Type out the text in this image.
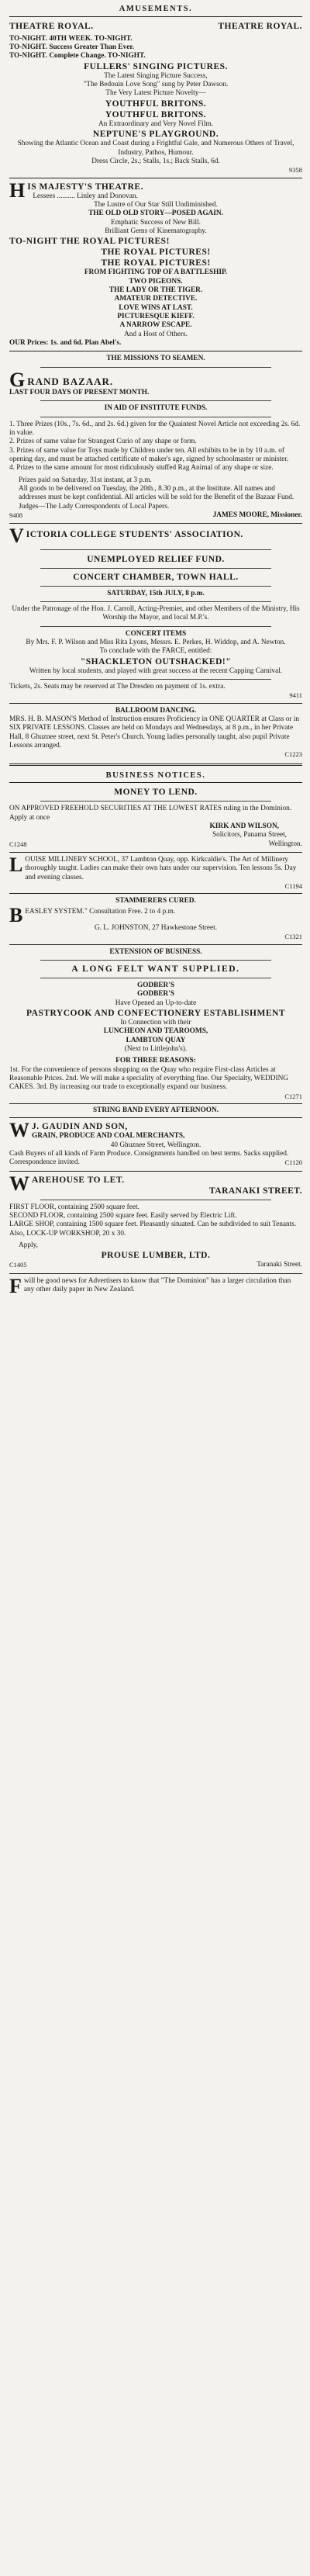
AMUSEMENTS.
THEATRE ROYAL.	THEATRE ROYAL.

TO-NIGHT. 40TH WEEK. TO-NIGHT.

TO-NIGHT. Success Greater Than Ever.

TO-NIGHT. Complete Change. TO-NIGHT.

FULLERS' SINGING PICTURES.

The Latest Singing Picture Success,

"The Bedouin Love Song" sung by Peter Dawson.

The Very Latest Picture Novelty—

YOUTHFUL BRITONS.

YOUTHFUL BRITONS.

An Extraordinary and Very Novel Film.

NEPTUNE'S PLAYGROUND.

Showing the Atlantic Ocean and Coast during a Frightful Gale, and Numerous Others of Travel, Industry, Pathos, Humour.

Dress Circle, 2s.; Stalls, 1s.; Back Stalls, 6d.

9358

H IS MAJESTY'S THEATRE.

Lessees .......... Linley and Donovan.

The Lustre of Our Star Still Undiminished.

THE OLD OLD STORY—POSED AGAIN.

Emphatic Success of New Bill.

Brilliant Gems of Kinematography.

TO-NIGHT THE ROYAL PICTURES!

THE ROYAL PICTURES!

THE ROYAL PICTURES!

FROM FIGHTING TOP OF A BATTLESHIP.

TWO PIGEONS.

THE LADY OR THE TIGER.

AMATEUR DETECTIVE.

LOVE WINS AT LAST.

PICTURESQUE KIEFF.

A NARROW ESCAPE.

And a Host of Others.

OUR Prices: 1s. and 6d. Plan Abel's.

THE MISSIONS TO SEAMEN.

G RAND BAZAAR.

LAST FOUR DAYS OF PRESENT MONTH.

IN AID OF INSTITUTE FUNDS.

1. Three Prizes (10s., 7s. 6d., and 2s. 6d.) given for the Quaintest Novel Article not exceeding 2s. 6d. in value.

2. Prizes of same value for Strangest Curio of any shape or form.

3. Prizes of same value for Toys made by Children under ten. All exhibits to be in by 10 a.m. of opening day, and must be attached certificate of maker's age, signed by schoolmaster or minister.

4. Prizes to the same amount for most ridiculously stuffed Rag Animal of any shape or size.

Prizes paid on Saturday, 31st instant, at 3 p.m.

All goods to be delivered on Tuesday, the 20th., 8.30 p.m., at the Institute. All names and addresses must be kept confidential. All articles will be sold for the Benefit of the Bazaar Fund.

Judges—The Lady Correspondents of Local Papers.

9408	JAMES MOORE, Missioner.
V ICTORIA COLLEGE STUDENTS' ASSOCIATION.

UNEMPLOYED RELIEF FUND.

CONCERT CHAMBER, TOWN HALL.

SATURDAY, 15th JULY, 8 p.m.

Under the Patronage of the Hon. J. Carroll, Acting-Premier, and other Members of the Ministry, His Worship the Mayor, and local M.P.'s.

CONCERT ITEMS

By Mrs. F. P. Wilson and Miss Rita Lyons, Messrs. E. Perkes, H. Widdop, and A. Newton.

To conclude with the FARCE, entitled:

"SHACKLETON OUTSHACKED!"

Written by local students, and played with great success at the recent Capping Carnival.

Tickets, 2s. Seats may be reserved at The Dresden on payment of 1s. extra.

9411

BALLROOM DANCING.

MRS. H. B. MASON'S Method of Instruction ensures Proficiency in ONE QUARTER at Class or in SIX PRIVATE LESSONS. Classes are held on Mondays and Wednesdays, at 8 p.m., in her Private Hall, 8 Ghuznee street, next St. Peter's Church. Young ladies personally taught, also pupil Private Lessons arranged.

C1223

BUSINESS NOTICES.

MONEY TO LEND.

ON APPROVED FREEHOLD SECURITIES AT THE LOWEST RATES ruling in the Dominion. Apply at once

KIRK AND WILSON,

Solicitors, Panama Street,

C1248	Wellington.
L OUISE MILLINERY SCHOOL, 37 Lambton Quay, opp. Kirkcaldie's. The Art of Millinery thoroughly taught. Ladies can make their own hats under our supervision. Ten lessons 5s. Day and evening classes.

C1194

STAMMERERS CURED.

B EASLEY SYSTEM." Consultation Free. 2 to 4 p.m.

G. L. JOHNSTON, 27 Hawkestone Street.

C1321

EXTENSION OF BUSINESS.

A LONG FELT WANT SUPPLIED.

GODBER'S

GODBER'S

Have Opened an Up-to-date

PASTRYCOOK AND CONFECTIONERY ESTABLISHMENT

In Connection with their

LUNCHEON AND TEAROOMS,

LAMBTON QUAY

(Next to Littlejohn's).

FOR THREE REASONS:

1st. For the convenience of persons shopping on the Quay who require First-class Articles at Reasonable Prices. 2nd. We will make a speciality of everything fine. Our Specialty, WEDDING CAKES. 3rd. By increasing our trade to exceptionally expand our business.

C1271

STRING BAND EVERY AFTERNOON.

W J. GAUDIN AND SON,

GRAIN, PRODUCE AND COAL MERCHANTS,

40 Ghuznee Street, Wellington.

Cash Buyers of all kinds of Farm Produce. Consignments handled on best terms. Sacks supplied.

Correspondence invited.	C1120
W AREHOUSE TO LET.

TARANAKI STREET.

FIRST FLOOR, containing 2500 square feet.

SECOND FLOOR, containing 2500 square feet. Easily served by Electric Lift.

LARGE SHOP, containing 1500 square feet. Pleasantly situated. Can be subdivided to suit Tenants.

Also, LOCK-UP WORKSHOP, 20 x 30.

Apply,

PROUSE LUMBER, LTD.

C1405	Taranaki Street.
F will be good news for Advertisers to know that "The Dominion" has a larger circulation than any other daily paper in New Zealand.
